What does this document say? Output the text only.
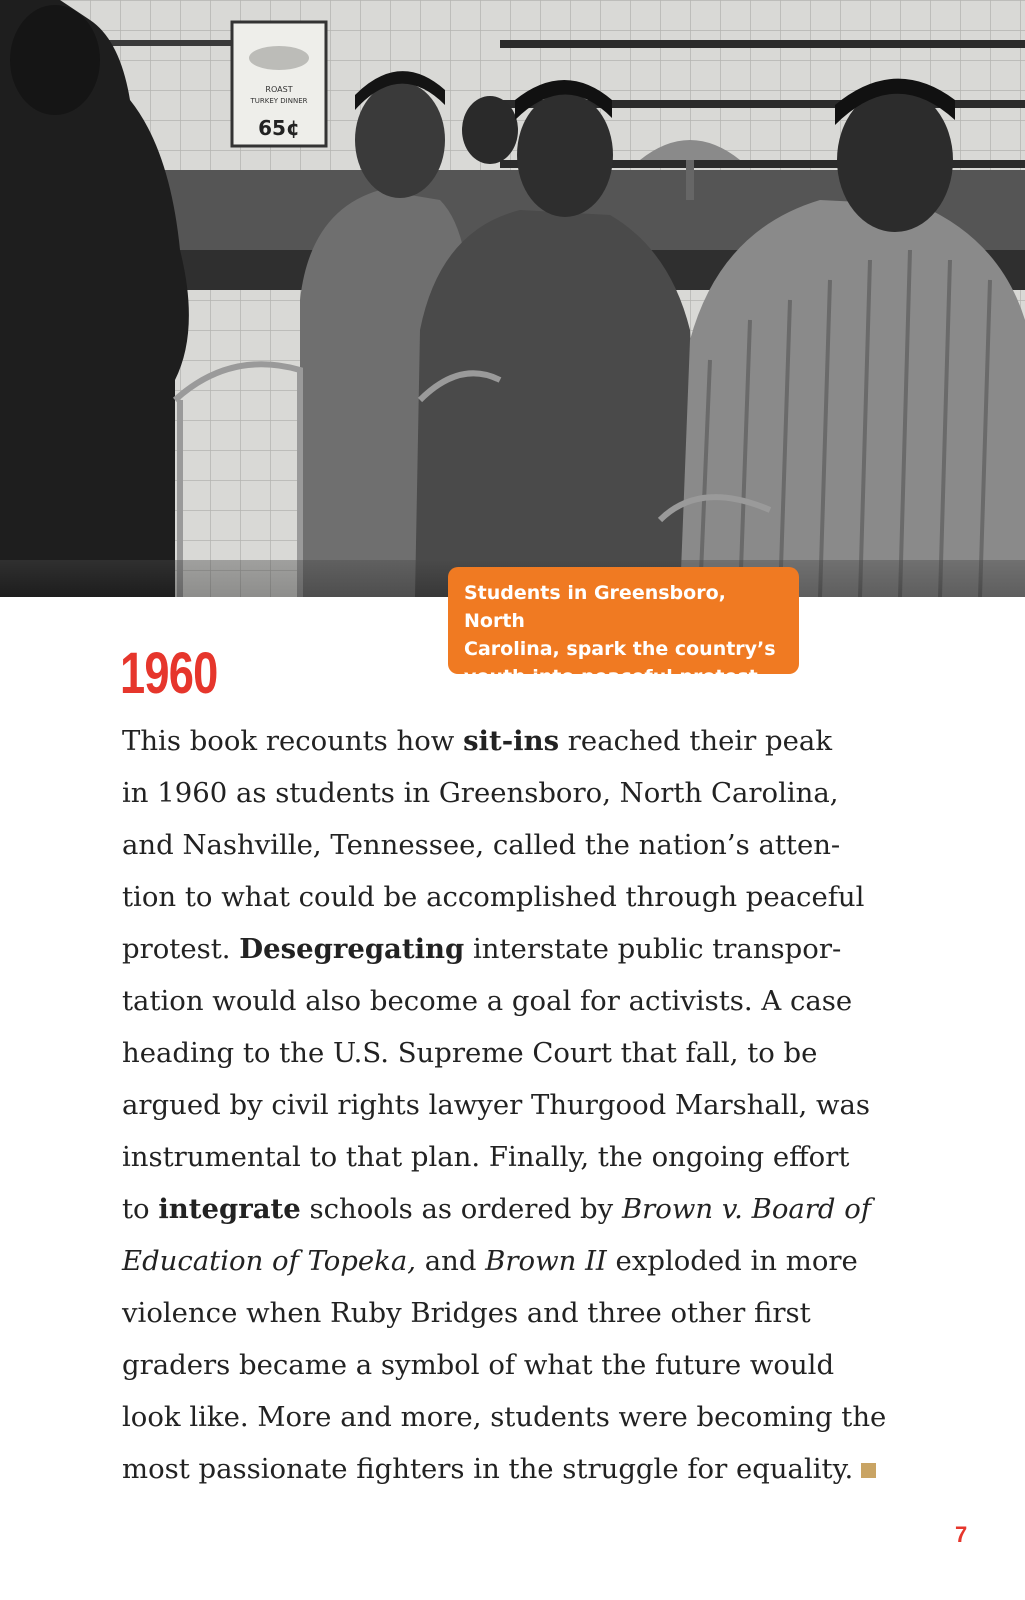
ROAST
TURKEY DINNER
65¢
Students in Greensboro, North
Carolina, spark the country’s
youth into peaceful protest.
1960
This book recounts how sit-ins reached their peak
in 1960 as students in Greensboro, North Carolina,
and Nashville, Tennessee, called the nation’s atten-
tion to what could be accomplished through peaceful
protest. Desegregating interstate public transpor-
tation would also become a goal for activists. A case
heading to the U.S. Supreme Court that fall, to be
argued by civil rights lawyer Thurgood Marshall, was
instrumental to that plan. Finally, the ongoing effort
to integrate schools as ordered by Brown v. Board of
Education of Topeka, and Brown II exploded in more
violence when Ruby Bridges and three other first
graders became a symbol of what the future would
look like. More and more, students were becoming the
most passionate fighters in the struggle for equality.
7
